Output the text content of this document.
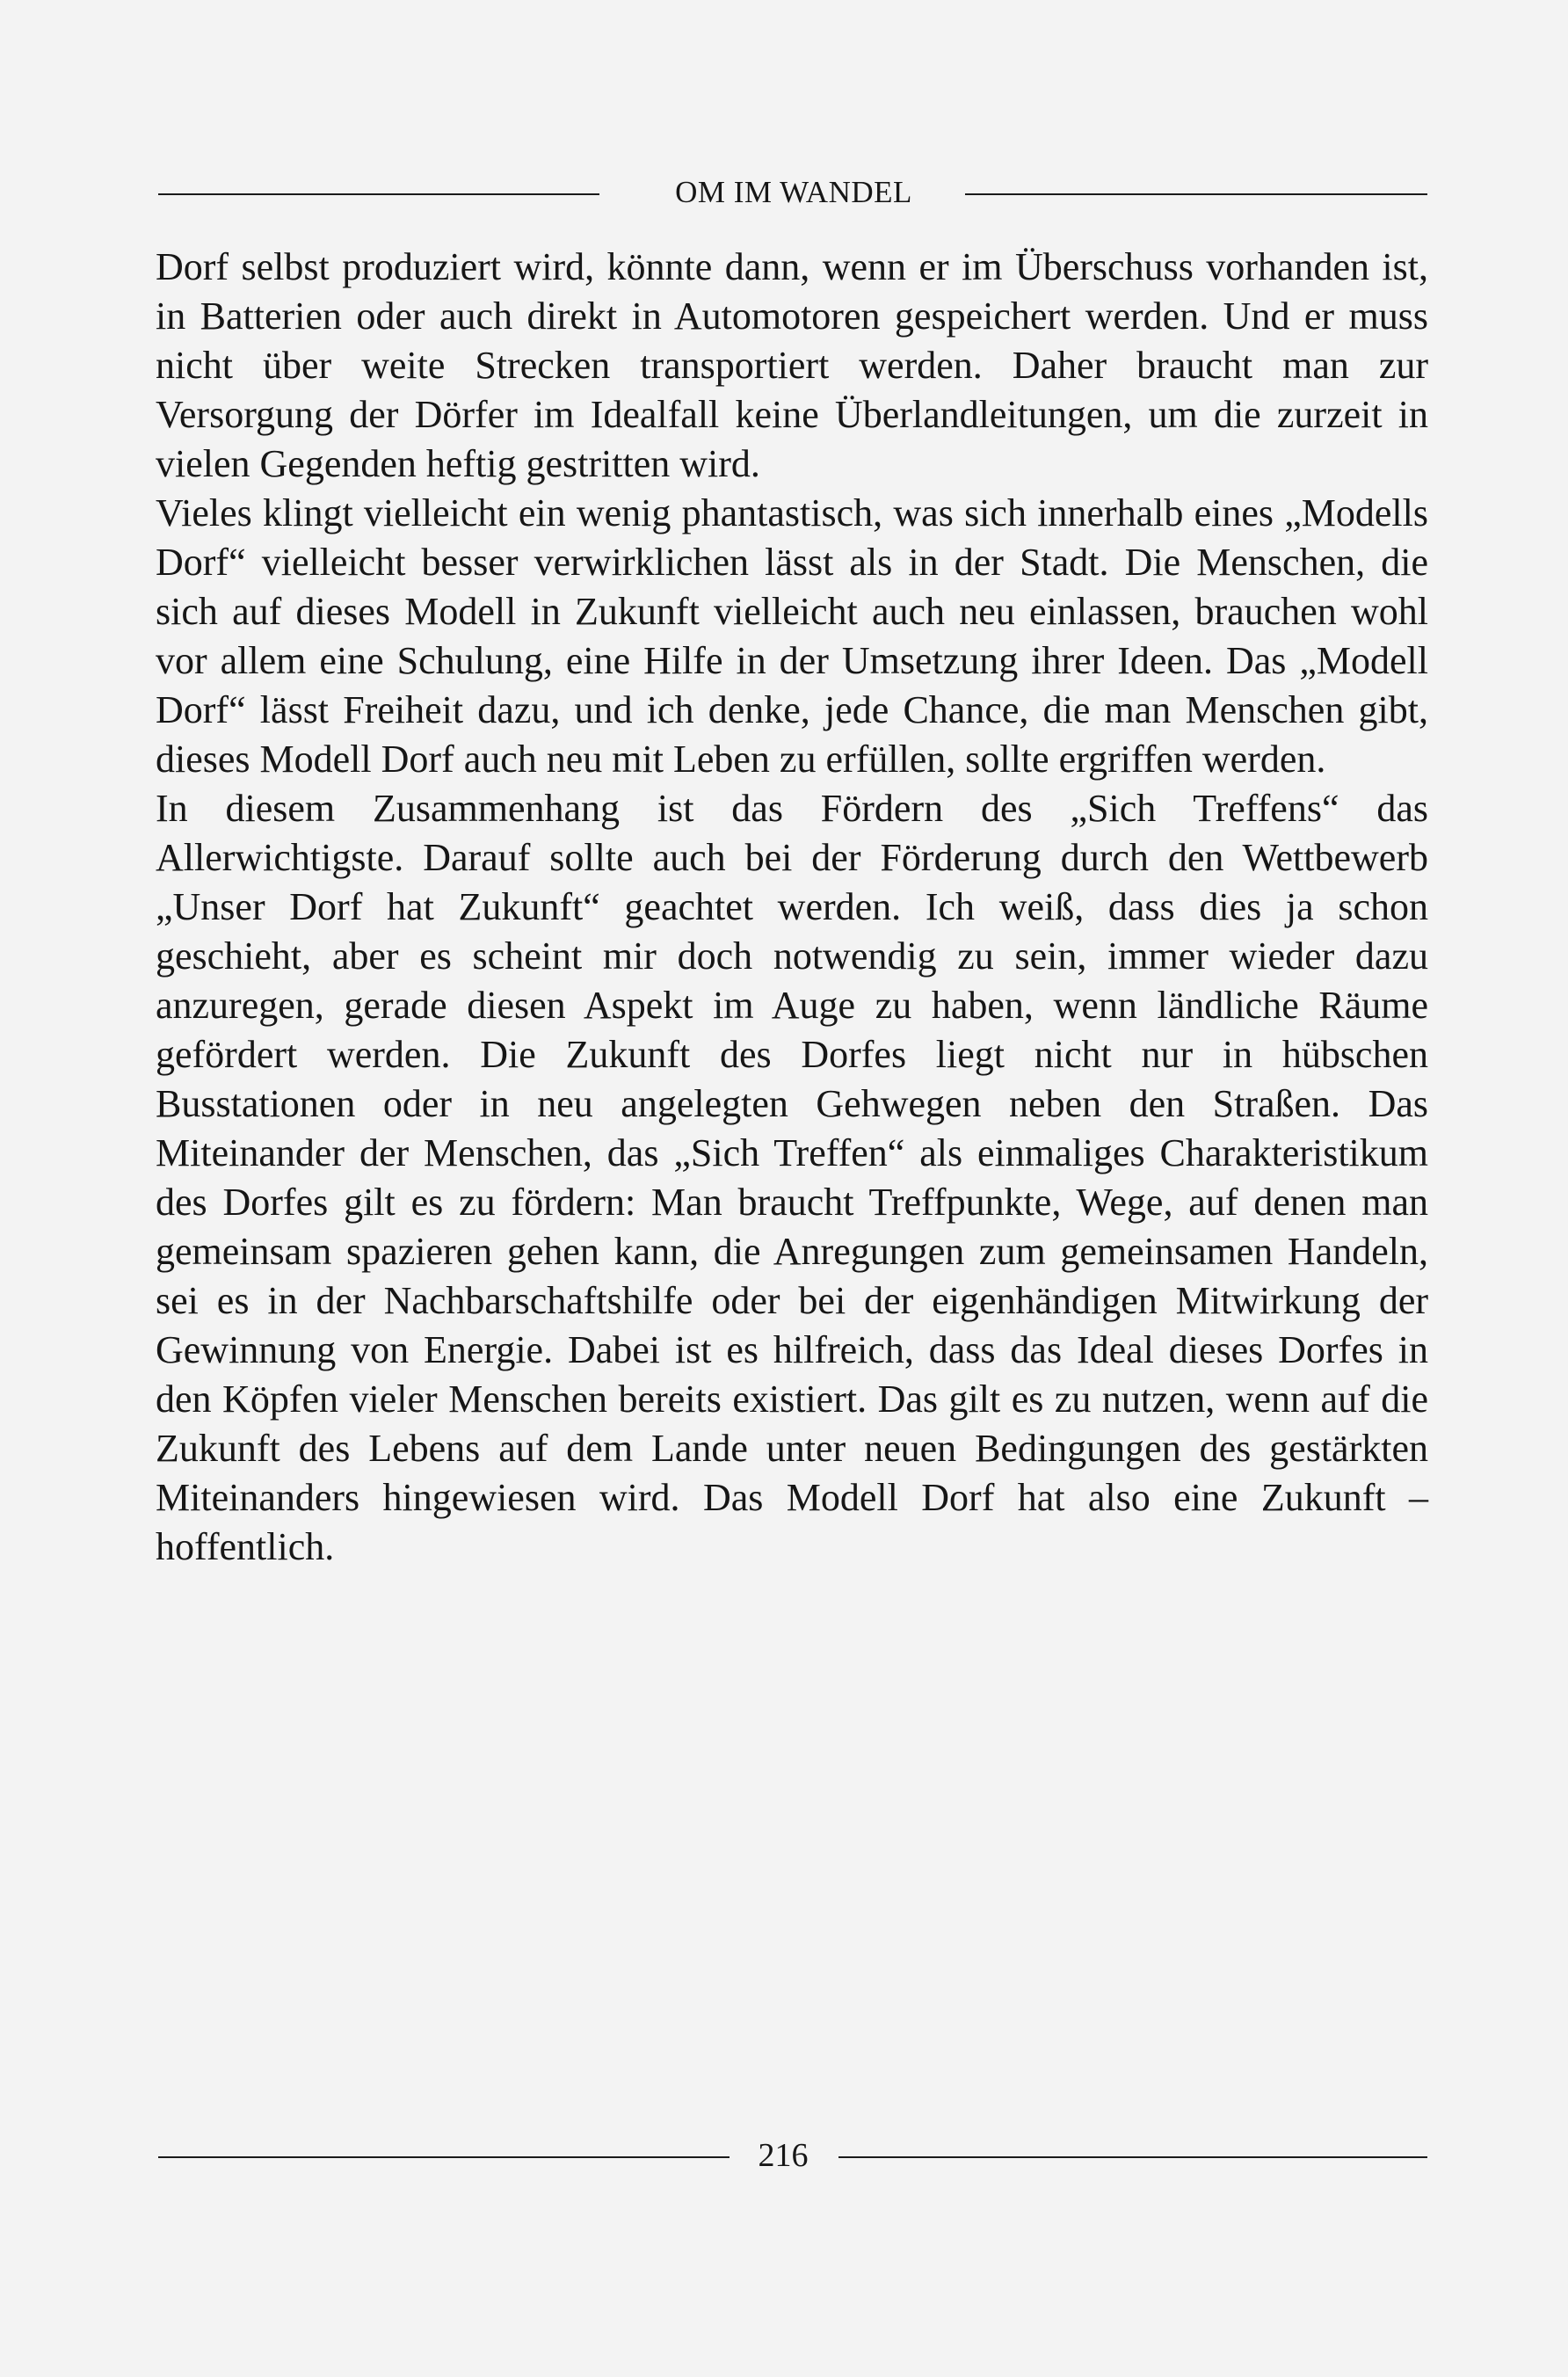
OM IM WANDEL

Dorf selbst produziert wird, könnte dann, wenn er im Überschuss vorhanden ist, in Batterien oder auch direkt in Automotoren gespeichert werden. Und er muss nicht über weite Strecken transportiert werden. Daher braucht man zur Versorgung der Dörfer im Idealfall keine Überlandleitungen, um die zurzeit in vielen Gegenden heftig gestritten wird.

Vieles klingt vielleicht ein wenig phantastisch, was sich innerhalb eines „Modells Dorf“ vielleicht besser verwirklichen lässt als in der Stadt. Die Menschen, die sich auf dieses Modell in Zukunft vielleicht auch neu einlassen, brauchen wohl vor allem eine Schulung, eine Hilfe in der Umsetzung ihrer Ideen. Das „Modell Dorf“ lässt Freiheit dazu, und ich denke, jede Chance, die man Menschen gibt, dieses Modell Dorf auch neu mit Leben zu erfüllen, sollte ergriffen werden.

In diesem Zusammenhang ist das Fördern des „Sich Treffens“ das Allerwichtigste. Darauf sollte auch bei der Förderung durch den Wettbewerb „Unser Dorf hat Zukunft“ geachtet werden. Ich weiß, dass dies ja schon geschieht, aber es scheint mir doch notwendig zu sein, immer wieder dazu anzuregen, gerade diesen Aspekt im Auge zu haben, wenn ländliche Räume gefördert werden. Die Zukunft des Dorfes liegt nicht nur in hübschen Busstationen oder in neu angelegten Gehwegen neben den Straßen. Das Miteinander der Menschen, das „Sich Treffen“ als einmaliges Charakteristikum des Dorfes gilt es zu fördern: Man braucht Treffpunkte, Wege, auf denen man gemeinsam spazieren gehen kann, die Anregungen zum gemeinsamen Handeln, sei es in der Nachbarschaftshilfe oder bei der eigenhändigen Mitwirkung der Gewinnung von Energie. Dabei ist es hilfreich, dass das Ideal dieses Dorfes in den Köpfen vieler Menschen bereits existiert. Das gilt es zu nutzen, wenn auf die Zukunft des Lebens auf dem Lande unter neuen Bedingungen des gestärkten Miteinanders hingewiesen wird. Das Modell Dorf hat also eine Zukunft – hoffentlich.

216
